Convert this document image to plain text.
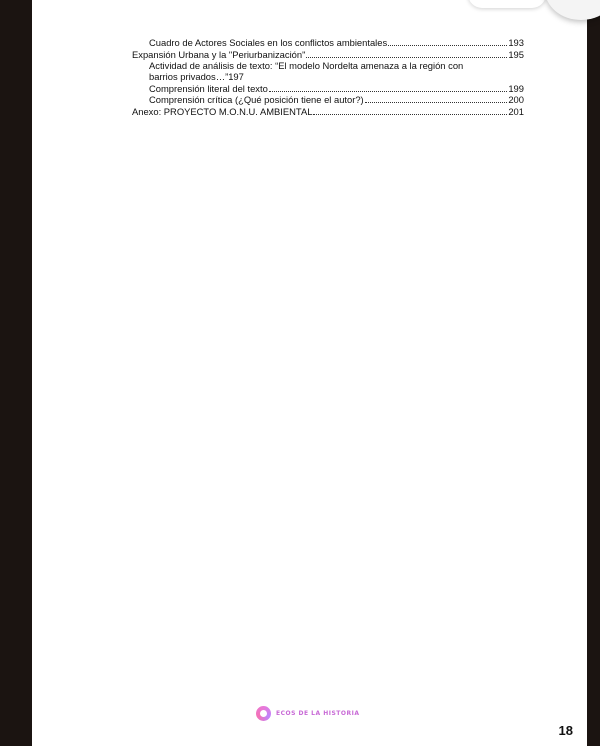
Cuadro de Actores Sociales en los conflictos ambientales	193
Expansión Urbana y la "Periurbanización"	195
Actividad de análisis de texto: “El modelo Nordelta amenaza a la región con
barrios privados…” 197
Comprensión literal del texto	199
Comprensión crítica (¿Qué posición tiene el autor?)	200
Anexo: PROYECTO M.O.N.U. AMBIENTAL	201
ECOS DE LA HISTORIA
18
